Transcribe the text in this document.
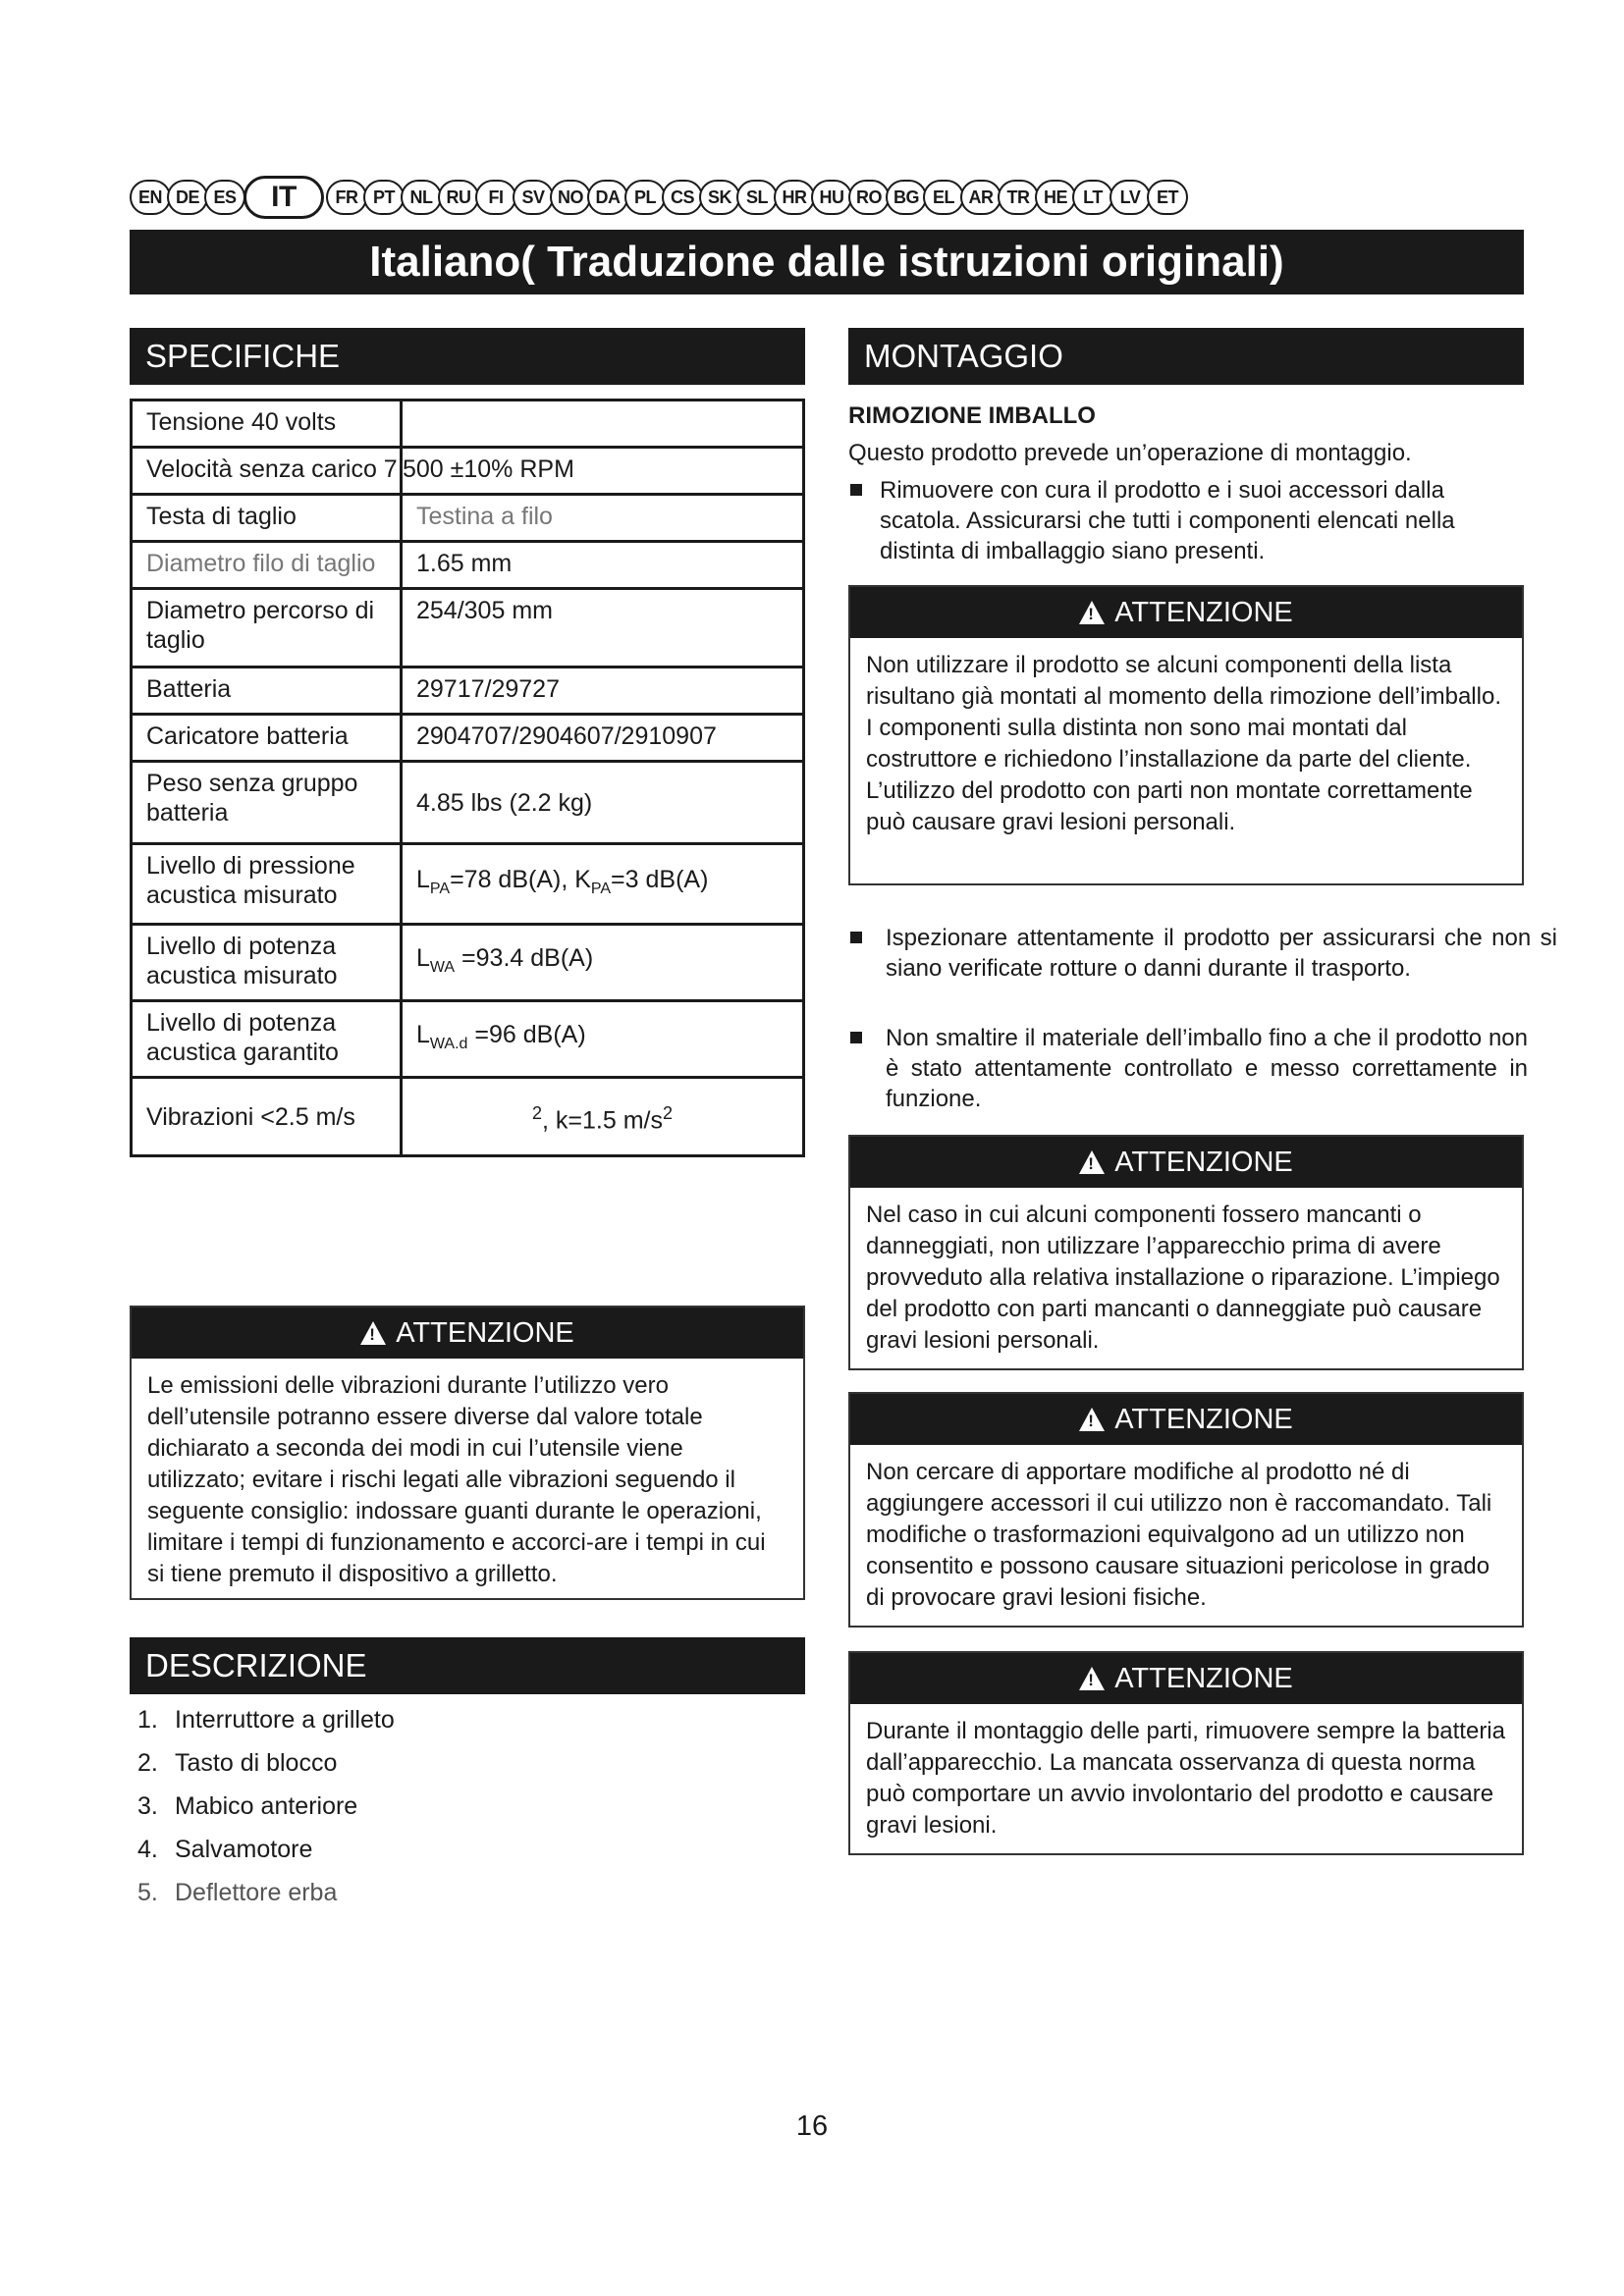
EN DE ES	IT	FR PT NL RU	FI	SV NO DA PL CS SK SL HR HU RO BG EL AR TR HE LT LV ET
Italiano( Traduzione dalle istruzioni originali)
SPECIFICHE
Tensione 40 volts	
Velocità senza carico 7	500 ±10% RPM
Testa di taglio	Testina a filo
Diametro filo di taglio	1.65 mm
Diametro percorso di taglio	254/305 mm
Batteria	29717/29727
Caricatore batteria	2904707/2904607/2910907
Peso senza gruppo batteria	4.85 lbs (2.2 kg)
Livello di pressione acustica misurato	$L_{PA}=78$ dB(A), $K_{PA}=3$ dB(A)
Livello di potenza acustica misurato	$L_{WA} =93.4$ dB(A)
Livello di potenza acustica garantito	$L_{WA.d} =96$ dB(A)
Vibrazioni <2.5 m/s	$^2$, k=1.5 $m/s^2$
!
ATTENZIONE
Le emissioni delle vibrazioni durante l’utilizzo vero dell’utensile potranno essere diverse dal valore totale dichiarato a seconda dei modi in cui l’utensile viene utilizzato; evitare i rischi legati alle vibrazioni seguendo il seguente consiglio: indossare guanti durante le operazioni, limitare i tempi di funzionamento e accorci-are i tempi in cui si tiene premuto il dispositivo a grilletto.
DESCRIZIONE
1. Interruttore a grilleto
2. Tasto di blocco
3. Mabico anteriore
4. Salvamotore
5. Deflettore erba
MONTAGGIO
RIMOZIONE IMBALLO
Questo prodotto prevede un’operazione di montaggio.
Rimuovere con cura il prodotto e i suoi accessori dalla scatola. Assicurarsi che tutti i componenti elencati nella distinta di imballaggio siano presenti.
!
ATTENZIONE
Non utilizzare il prodotto se alcuni componenti della lista risultano già montati al momento della rimozione dell’imballo. I componenti sulla distinta non sono mai montati dal costruttore e richiedono l’installazione da parte del cliente. L’utilizzo del prodotto con parti non montate correttamente può causare gravi lesioni personali.
Ispezionare attentamente il prodotto per assicurarsi che non si siano verificate rotture o danni durante il trasporto.
Non smaltire il materiale dell’imballo fino a che il prodotto non è stato attentamente controllato e messo correttamente in funzione.
!
ATTENZIONE
Nel caso in cui alcuni componenti fossero mancanti o danneggiati, non utilizzare l’apparecchio prima di avere provveduto alla relativa installazione o riparazione. L’impiego del prodotto con parti mancanti o danneggiate può causare gravi lesioni personali.
!
ATTENZIONE
Non cercare di apportare modifiche al prodotto né di aggiungere accessori il cui utilizzo non è raccomandato. Tali modifiche o trasformazioni equivalgono ad un utilizzo non consentito e possono causare situazioni pericolose in grado di provocare gravi lesioni fisiche.
!
ATTENZIONE
Durante il montaggio delle parti, rimuovere sempre la batteria dall’apparecchio. La mancata osservanza di questa norma può comportare un avvio involontario del prodotto e causare gravi lesioni.
16
